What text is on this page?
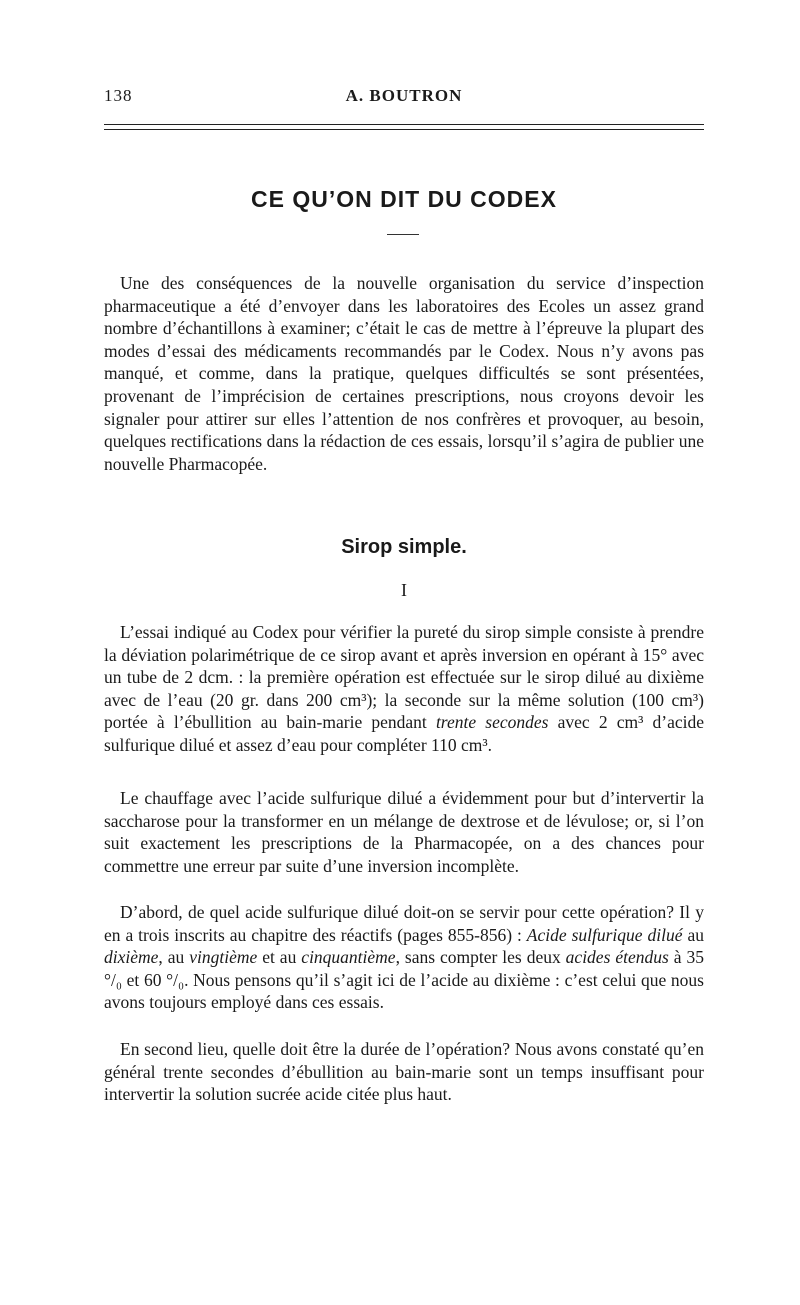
138	A. BOUTRON
CE QU’ON DIT DU CODEX

Une des conséquences de la nouvelle organisation du service d’inspection pharmaceutique a été d’envoyer dans les laboratoires des Ecoles un assez grand nombre d’échantillons à examiner; c’était le cas de mettre à l’épreuve la plupart des modes d’essai des médicaments recommandés par le Codex. Nous n’y avons pas manqué, et comme, dans la pratique, quelques difficultés se sont présentées, provenant de l’imprécision de certaines prescriptions, nous croyons devoir les signaler pour attirer sur elles l’attention de nos confrères et provoquer, au besoin, quelques rectifications dans la rédaction de ces essais, lorsqu’il s’agira de publier une nouvelle Pharmacopée.

Sirop simple.
I

L’essai indiqué au Codex pour vérifier la pureté du sirop simple consiste à prendre la déviation polarimétrique de ce sirop avant et après inversion en opérant à 15° avec un tube de 2 dcm. : la première opération est effectuée sur le sirop dilué au dixième avec de l’eau (20 gr. dans 200 cm³); la seconde sur la même solution (100 cm³) portée à l’ébullition au bain-marie pendant trente secondes avec 2 cm³ d’acide sulfurique dilué et assez d’eau pour compléter 110 cm³.

Le chauffage avec l’acide sulfurique dilué a évidemment pour but d’intervertir la saccharose pour la transformer en un mélange de dextrose et de lévulose; or, si l’on suit exactement les prescriptions de la Pharmacopée, on a des chances pour commettre une erreur par suite d’une inversion incomplète.

D’abord, de quel acide sulfurique dilué doit-on se servir pour cette opération? Il y en a trois inscrits au chapitre des réactifs (pages 855-856) : Acide sulfurique dilué au dixième, au vingtième et au cinquantième, sans compter les deux acides étendus à 35 °/₀ et 60 °/₀. Nous pensons qu’il s’agit ici de l’acide au dixième : c’est celui que nous avons toujours employé dans ces essais.

En second lieu, quelle doit être la durée de l’opération? Nous avons constaté qu’en général trente secondes d’ébullition au bain-marie sont un temps insuffisant pour intervertir la solution sucrée acide citée plus haut.
